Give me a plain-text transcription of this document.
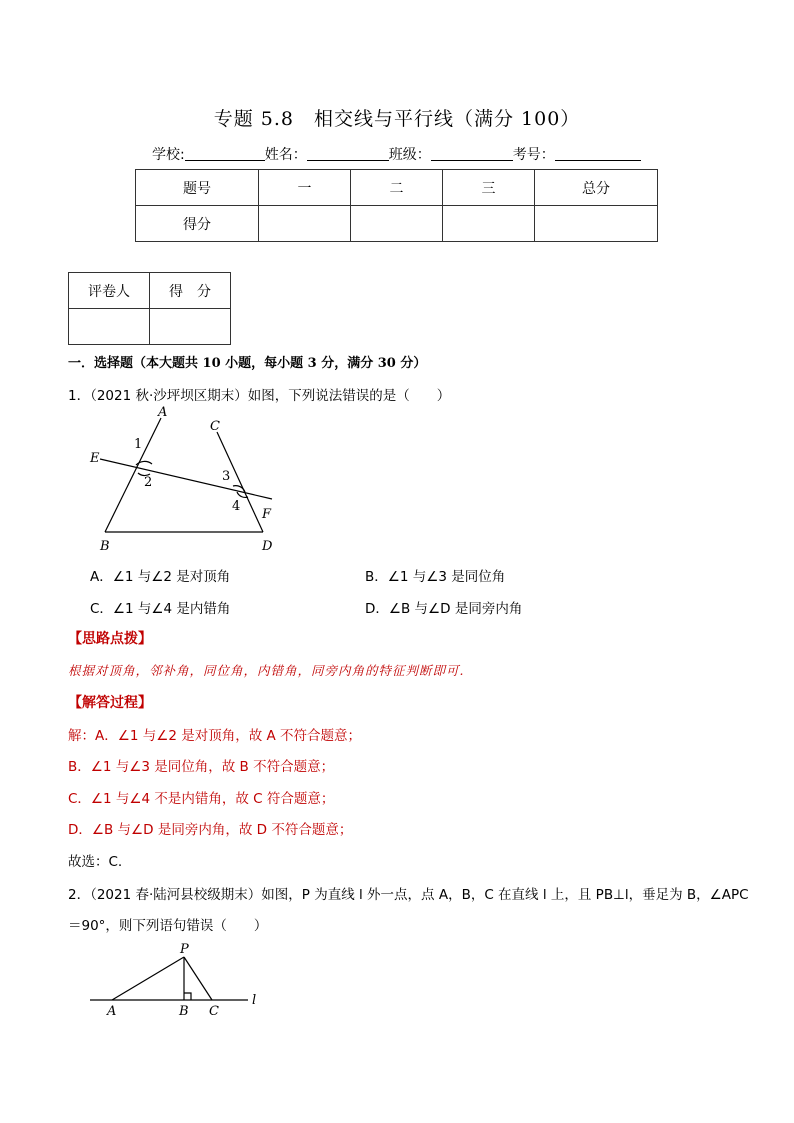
专题 5.8　相交线与平行线（满分 100）
学校:	姓名：	班级：	考号：
题号	一	二	三	总分
得分				
评卷人	得　分

一．选择题（本大题共 10 小题，每小题 3 分，满分 30 分）
1．（2021 秋·沙坪坝区期末）如图，下列说法错误的是（　　）
A
C
E
F
B	D
1
2	3
4
A．∠1 与∠2 是对顶角	B．∠1 与∠3 是同位角
C．∠1 与∠4 是内错角	D．∠B 与∠D 是同旁内角
【思路点拨】
根据对顶角，邻补角，同位角，内错角，同旁内角的特征判断即可.
【解答过程】
解：A．∠1 与∠2 是对顶角，故 A 不符合题意；
B．∠1 与∠3 是同位角，故 B 不符合题意；
C．∠1 与∠4 不是内错角，故 C 符合题意；
D．∠B 与∠D 是同旁内角，故 D 不符合题意；
故选：C.
2．（2021 春·陆河县校级期末）如图，P 为直线 l 外一点，点 A，B，C 在直线 l 上，且 PB⊥l，垂足为 B，∠APC
＝90°，则下列语句错误（　　）
P
A	B C
l
